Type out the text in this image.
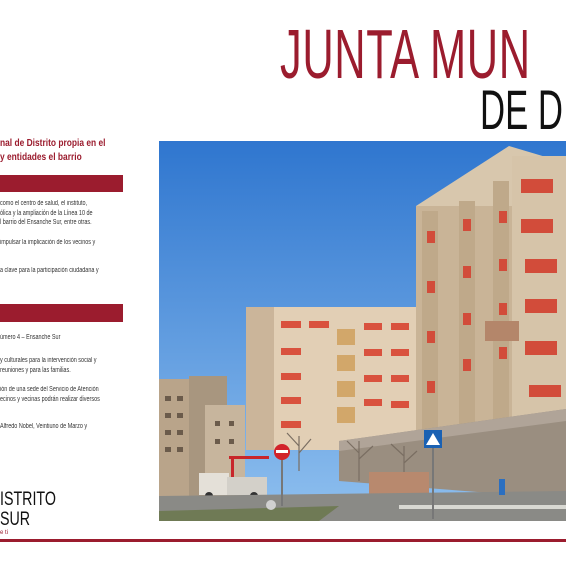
JUNTA MUN
DE D
nal de Distrito propia en el
y entidades el barrio
como el centro de salud, el instituto,
ólica y la ampliación de la Línea 10 de
l barrio del Ensanche Sur, entre otras.
impulsar la implicación de los vecinos y
a clave para la participación ciudadana y
úmero 4 – Ensanche Sur
y culturales para la intervención social y
reuniones y para las familias.
ión de una sede del Servicio de Atención
ecinos y vecinas podrán realizar diversos
Alfredo Nobel, Veintiuno de Marzo y
ISTRITO
SUR
e ti
